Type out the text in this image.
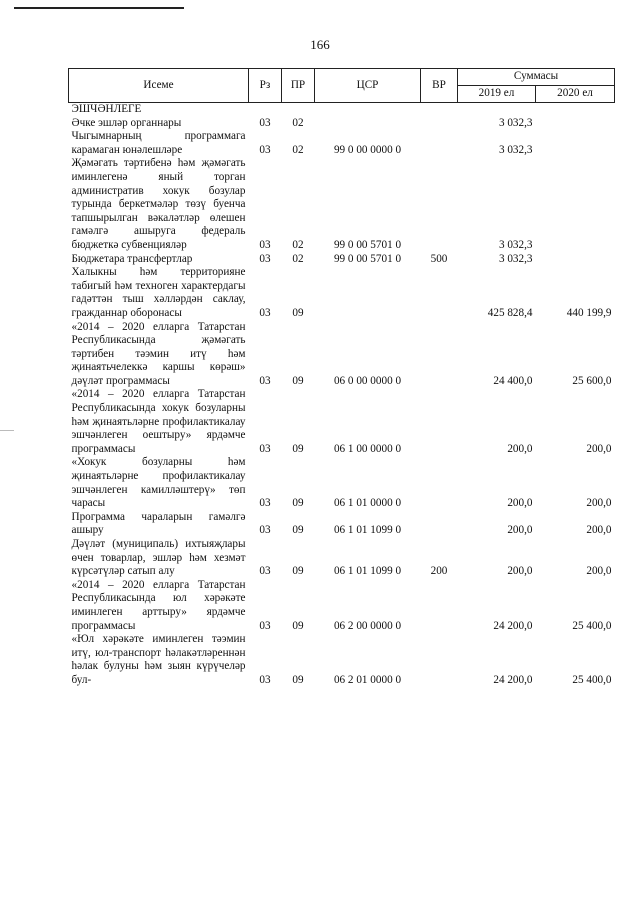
166
Исеме	Рз	ПР	ЦСР	ВР	Суммасы	
					2019 ел	2020 ел
ЭШЧӘНЛЕГЕ						
Әчке эшләр органнары	03	02			3 032,3	
Чыгымнарның программага карамаган юнәлешләре	03	02	99 0 00 0000 0		3 032,3	
Җәмәгать тәртибенә һәм җәмәгать иминлегенә яный торган административ хокук бозулар турында беркетмәләр төзү буенча тапшырылган вәкаләтләр өлешен гамәлгә ашыруга федераль бюджеткә субвенцияләр	03	02	99 0 00 5701 0		3 032,3	
Бюджетара трансфертлар	03	02	99 0 00 5701 0	500	3 032,3	
Халыкны һәм территорияне табигый һәм техноген характердагы гадәттән тыш хәлләрдән саклау, гражданнар оборонасы	03	09			425 828,4	440 199,9
«2014 – 2020 елларга Татарстан Республикасында җәмәгать тәртибен тәэмин итү һәм җинаятьчелеккә каршы көрәш» дәүләт программасы	03	09	06 0 00 0000 0		24 400,0	25 600,0
«2014 – 2020 елларга Татарстан Республикасында хокук бозуларны һәм җинаятьләрне профилактикалау эшчәнлеген оештыру» ярдәмче программасы	03	09	06 1 00 0000 0		200,0	200,0
«Хокук бозуларны һәм җинаятьләрне профилактикалау эшчәнлеген камилләштерү» төп чарасы	03	09	06 1 01 0000 0		200,0	200,0
Программа чараларын гамәлгә ашыру	03	09	06 1 01 1099 0		200,0	200,0
Дәүләт (муниципаль) ихтыяҗлары өчен товарлар, эшләр һәм хезмәт күрсәтүләр сатып алу	03	09	06 1 01 1099 0	200	200,0	200,0
«2014 – 2020 елларга Татарстан Республикасында юл хәрәкәте иминлеген арттыру» ярдәмче программасы	03	09	06 2 00 0000 0		24 200,0	25 400,0
«Юл хәрәкәте иминлеген тәэмин итү, юл-транспорт һәлакәтләреннән һәлак булуны һәм зыян күрүчеләр бул-	03	09	06 2 01 0000 0		24 200,0	25 400,0
